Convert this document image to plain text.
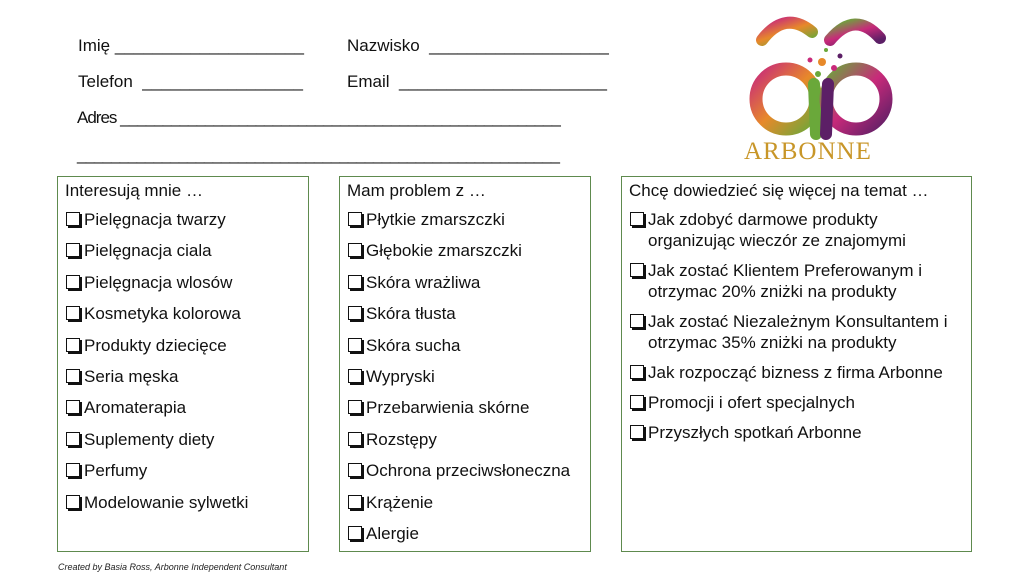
Imię ____________________	Nazwisko  ___________________
Telefon  _________________	Email  ______________________
Adres ____________________________________________________
_________________________________________________________	ARBONNE
Interesują mnie …
Pielęgnacja twarzy
Pielęgnacja ciala
Pielęgnacja wlosów
Kosmetyka kolorowa
Produkty dziecięce
Seria męska
Aromaterapia
Suplementy diety
Perfumy
Modelowanie sylwetki
Mam problem z …
Płytkie zmarszczki
Głębokie zmarszczki
Skóra wrażliwa
Skóra tłusta
Skóra sucha
Wypryski
Przebarwienia skórne
Rozstępy
Ochrona przeciwsłoneczna
Krążenie
Alergie
Chcę dowiedzieć się więcej na temat …
Jak zdobyć darmowe produkty organizując wieczór ze znajomymi
Jak zostać Klientem Preferowanym i otrzymac 20% zniżki na produkty
Jak zostać Niezależnym Konsultantem i otrzymac 35% zniżki na produkty
Jak rozpocząć bizness z firma Arbonne
Promocji i ofert specjalnych
Przyszłych spotkań Arbonne
Created by Basia Ross, Arbonne Independent Consultant
